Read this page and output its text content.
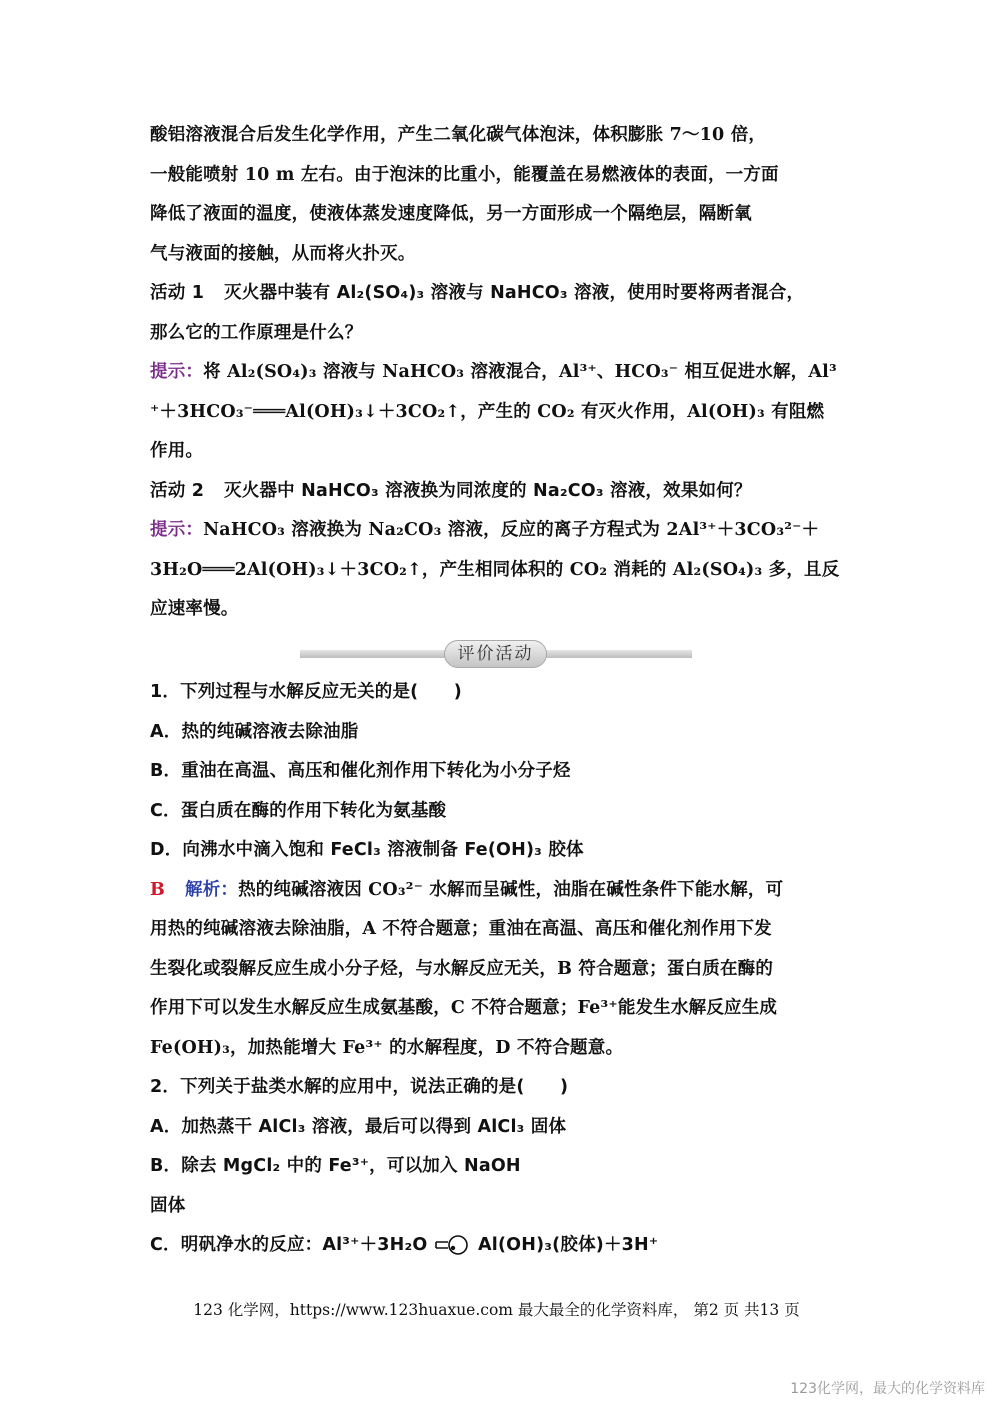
酸铝溶液混合后发生化学作用，产生二氧化碳气体泡沫，体积膨胀 7～10 倍，
一般能喷射 10 m 左右。由于泡沫的比重小，能覆盖在易燃液体的表面，一方面
降低了液面的温度，使液体蒸发速度降低，另一方面形成一个隔绝层，隔断氧
气与液面的接触，从而将火扑灭。
活动 1 灭火器中装有 Al₂(SO₄)₃ 溶液与 NaHCO₃ 溶液，使用时要将两者混合，
那么它的工作原理是什么？
提示：将 Al₂(SO₄)₃ 溶液与 NaHCO₃ 溶液混合，Al³⁺、HCO₃⁻ 相互促进水解，Al³
⁺＋3HCO₃⁻═══Al(OH)₃↓＋3CO₂↑，产生的 CO₂ 有灭火作用，Al(OH)₃ 有阻燃
作用。
活动 2 灭火器中 NaHCO₃ 溶液换为同浓度的 Na₂CO₃ 溶液，效果如何？
提示：NaHCO₃ 溶液换为 Na₂CO₃ 溶液，反应的离子方程式为 2Al³⁺＋3CO₃²⁻＋
3H₂O═══2Al(OH)₃↓＋3CO₂↑，产生相同体积的 CO₂ 消耗的 Al₂(SO₄)₃ 多，且反
应速率慢。
评价活动
1．下列过程与水解反应无关的是(　　)
A．热的纯碱溶液去除油脂
B．重油在高温、高压和催化剂作用下转化为小分子烃
C．蛋白质在酶的作用下转化为氨基酸
D．向沸水中滴入饱和 FeCl₃ 溶液制备 Fe(OH)₃ 胶体
B 解析：热的纯碱溶液因 CO₃²⁻ 水解而呈碱性，油脂在碱性条件下能水解，可
用热的纯碱溶液去除油脂，A 不符合题意；重油在高温、高压和催化剂作用下发
生裂化或裂解反应生成小分子烃，与水解反应无关，B 符合题意；蛋白质在酶的
作用下可以发生水解反应生成氨基酸，C 不符合题意；Fe³⁺能发生水解反应生成
Fe(OH)₃，加热能增大 Fe³⁺ 的水解程度，D 不符合题意。
2．下列关于盐类水解的应用中，说法正确的是(　　)
A．加热蒸干 AlCl₃ 溶液，最后可以得到 AlCl₃ 固体
B．除去 MgCl₂ 中的 Fe³⁺，可以加入 NaOH
固体
C．明矾净水的反应：Al³⁺＋3H₂O	Al(OH)₃(胶体)＋3H⁺
123 化学网，https://www.123huaxue.com 最大最全的化学资料库， 第2 页 共13 页
123化学网，最大的化学资料库
